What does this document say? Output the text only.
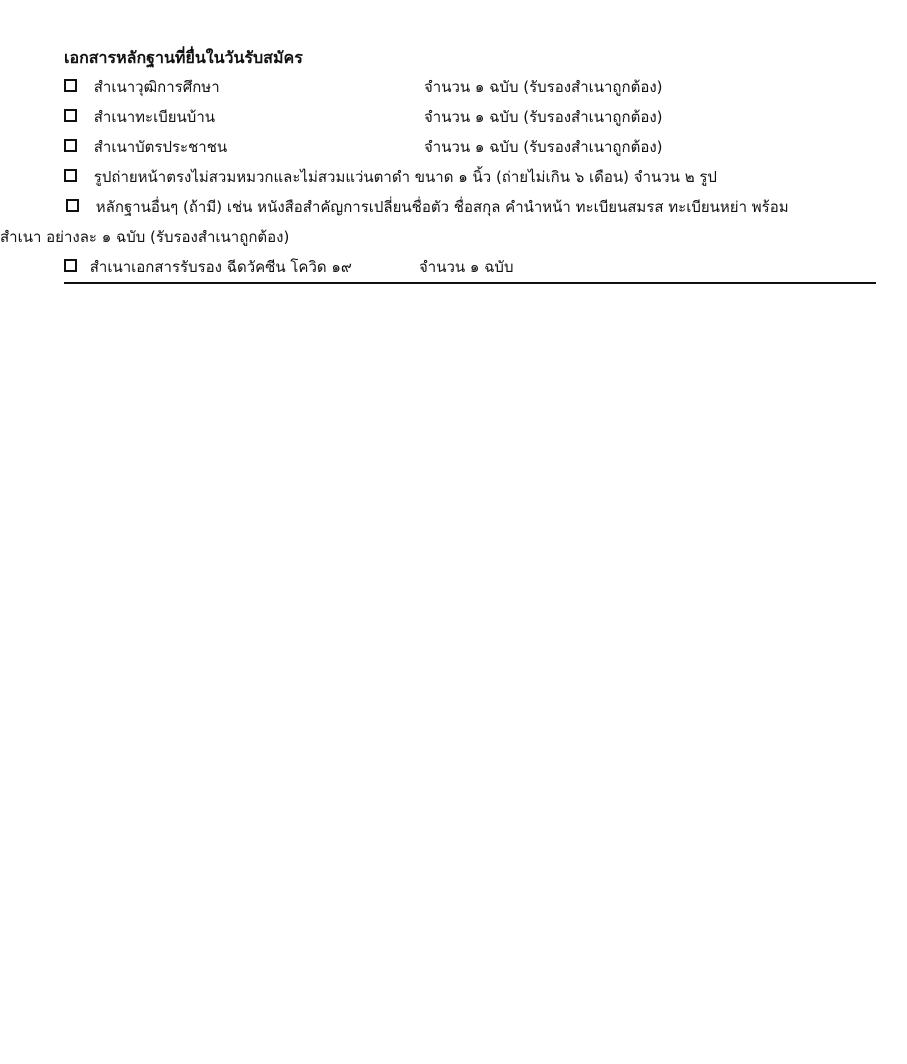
เอกสารหลักฐานที่ยื่นในวันรับสมัคร
สำเนาวุฒิการศึกษา	จำนวน ๑ ฉบับ (รับรองสำเนาถูกต้อง)
สำเนาทะเบียนบ้าน	จำนวน ๑ ฉบับ (รับรองสำเนาถูกต้อง)
สำเนาบัตรประชาชน	จำนวน ๑ ฉบับ (รับรองสำเนาถูกต้อง)
รูปถ่ายหน้าตรงไม่สวมหมวกและไม่สวมแว่นตาดำ ขนาด ๑ นิ้ว (ถ่ายไม่เกิน ๖ เดือน) จำนวน ๒ รูป
หลักฐานอื่นๆ (ถ้ามี) เช่น หนังสือสำคัญการเปลี่ยนชื่อตัว ชื่อสกุล คำนำหน้า ทะเบียนสมรส ทะเบียนหย่า พร้อม
สำเนา อย่างละ ๑ ฉบับ (รับรองสำเนาถูกต้อง)
สำเนาเอกสารรับรอง ฉีดวัคซีน โควิด ๑๙	จำนวน ๑ ฉบับ
